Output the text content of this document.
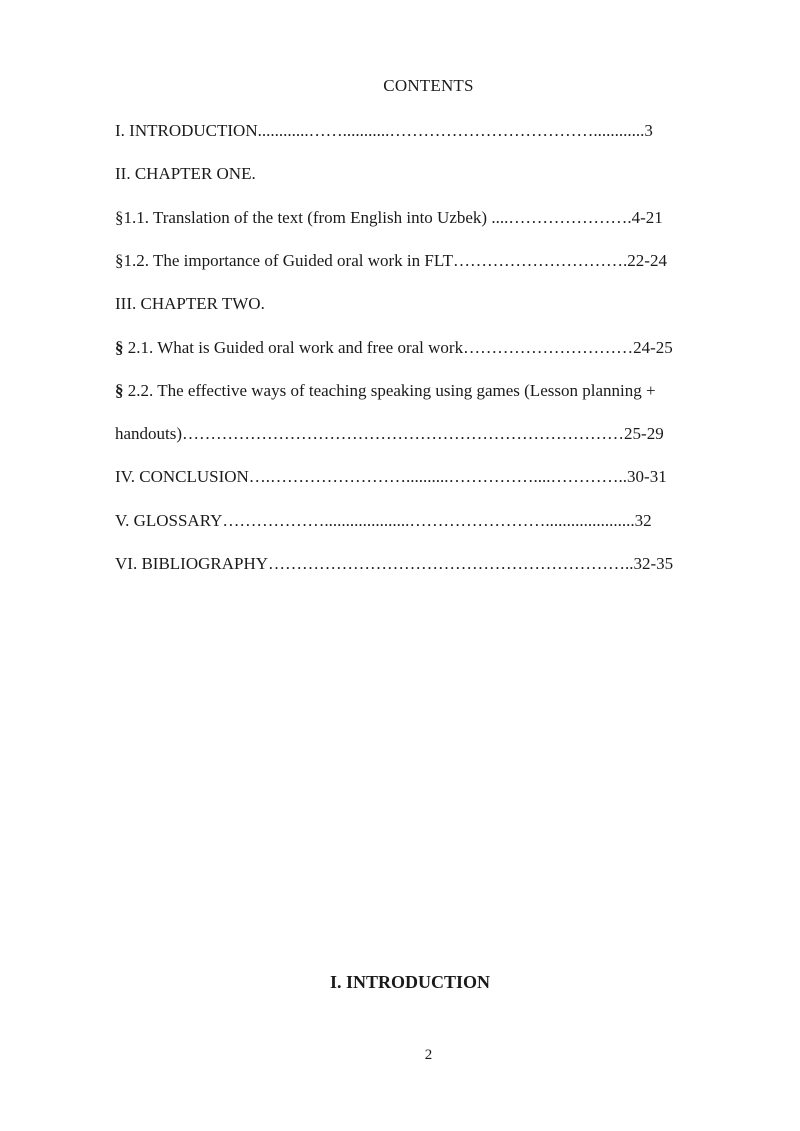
CONTENTS
I. INTRODUCTION............……...........………………………………............3
II. CHAPTER ONE.
§1.1. Translation of the text (from English into Uzbek) ....………………….4-21
§1.2. The importance of Guided oral work in FLT………………………….22-24
III. CHAPTER TWO.
§ 2.1. What is Guided oral work and free oral work…………………………24-25
§ 2.2. The effective ways of teaching speaking using games (Lesson planning +
handouts)……………………………………………………………………25-29
IV. CONCLUSION….……………………..........……………....…………..30-31
V. GLOSSARY………………....................…………………….....................32
VI. BIBLIOGRAPHY………………………………………………………..32-35
I. INTRODUCTION
2
